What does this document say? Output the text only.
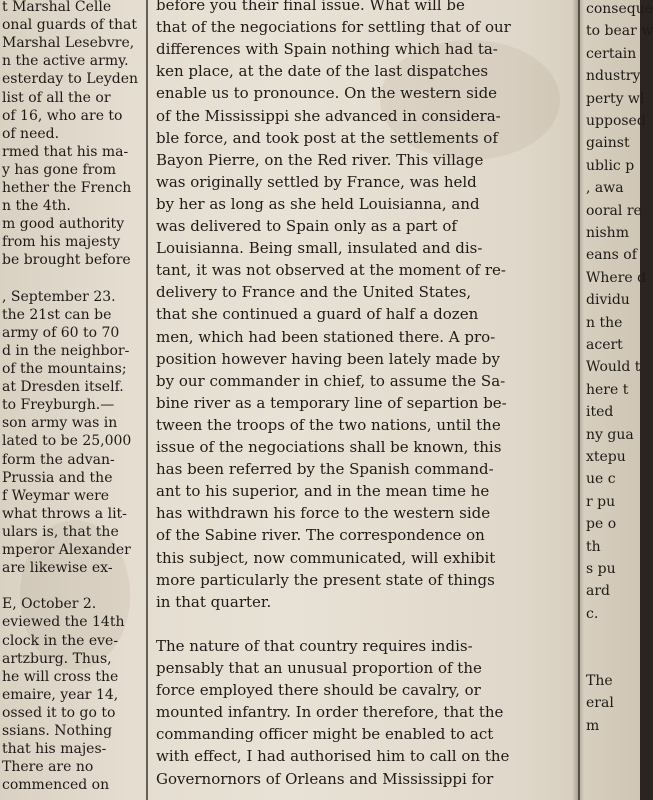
t Marshal Celle
onal guards of that
Marshal Lesebvre,
n the active army.
esterday to Leyden
list of all the or
of 16, who are to
of need.
rmed that his ma-
y has gone from
hether the French
n the 4th.
m good authority
from his majesty
be brought before
, September 23.
the 21st can be
army of 60 to 70
d in the neighbor-
of the mountains;
at Dresden itself.
to Freyburgh.—
son army was in
lated to be 25,000
form the advan-
Prussia and the
f Weymar were
what throws a lit-
ulars is, that the
mperor Alexander
are likewise ex-
E, October 2.
eviewed the 14th
clock in the eve-
artzburg. Thus,
he will cross the
emaire, year 14,
ossed it to go to
ssians. Nothing
that his majes-
There are no
commenced on
before you their final issue. What will be
that of the negociations for settling that of our
differences with Spain nothing which had ta-
ken place, at the date of the last dispatches
enable us to pronounce. On the western side
of the Mississippi she advanced in considera-
ble force, and took post at the settlements of
Bayon Pierre, on the Red river. This village
was originally settled by France, was held
by her as long as she held Louisianna, and
was delivered to Spain only as a part of
Louisianna. Being small, insulated and dis-
tant, it was not observed at the moment of re-
delivery to France and the United States,
that she continued a guard of half a dozen
men, which had been stationed there. A pro-
position however having been lately made by
by our commander in chief, to assume the Sa-
bine river as a temporary line of separtion be-
tween the troops of the two nations, until the
issue of the negociations shall be known, this
has been referred by the Spanish command-
ant to his superior, and in the mean time he
has withdrawn his force to the western side
of the Sabine river. The correspondence on
this subject, now communicated, will exhibit
more particularly the present state of things
in that quarter.
The nature of that country requires indis-
pensably that an unusual proportion of the
force employed there should be cavalry, or
mounted infantry. In order therefore, that the
commanding officer might be enabled to act
with effect, I had authorised him to call on the
Governornors of Orleans and Mississippi for
conseque
to bear w
certain
ndustry
perty wl
upposed
gainst
ublic p
, awa
ooral re
nishm
eans of
Where d
dividu
n the
acert
Would t
here t
ited
ny gua
xtepu
ue c
r pu
pe o
th
s pu
ard
c.
The
eral
m
